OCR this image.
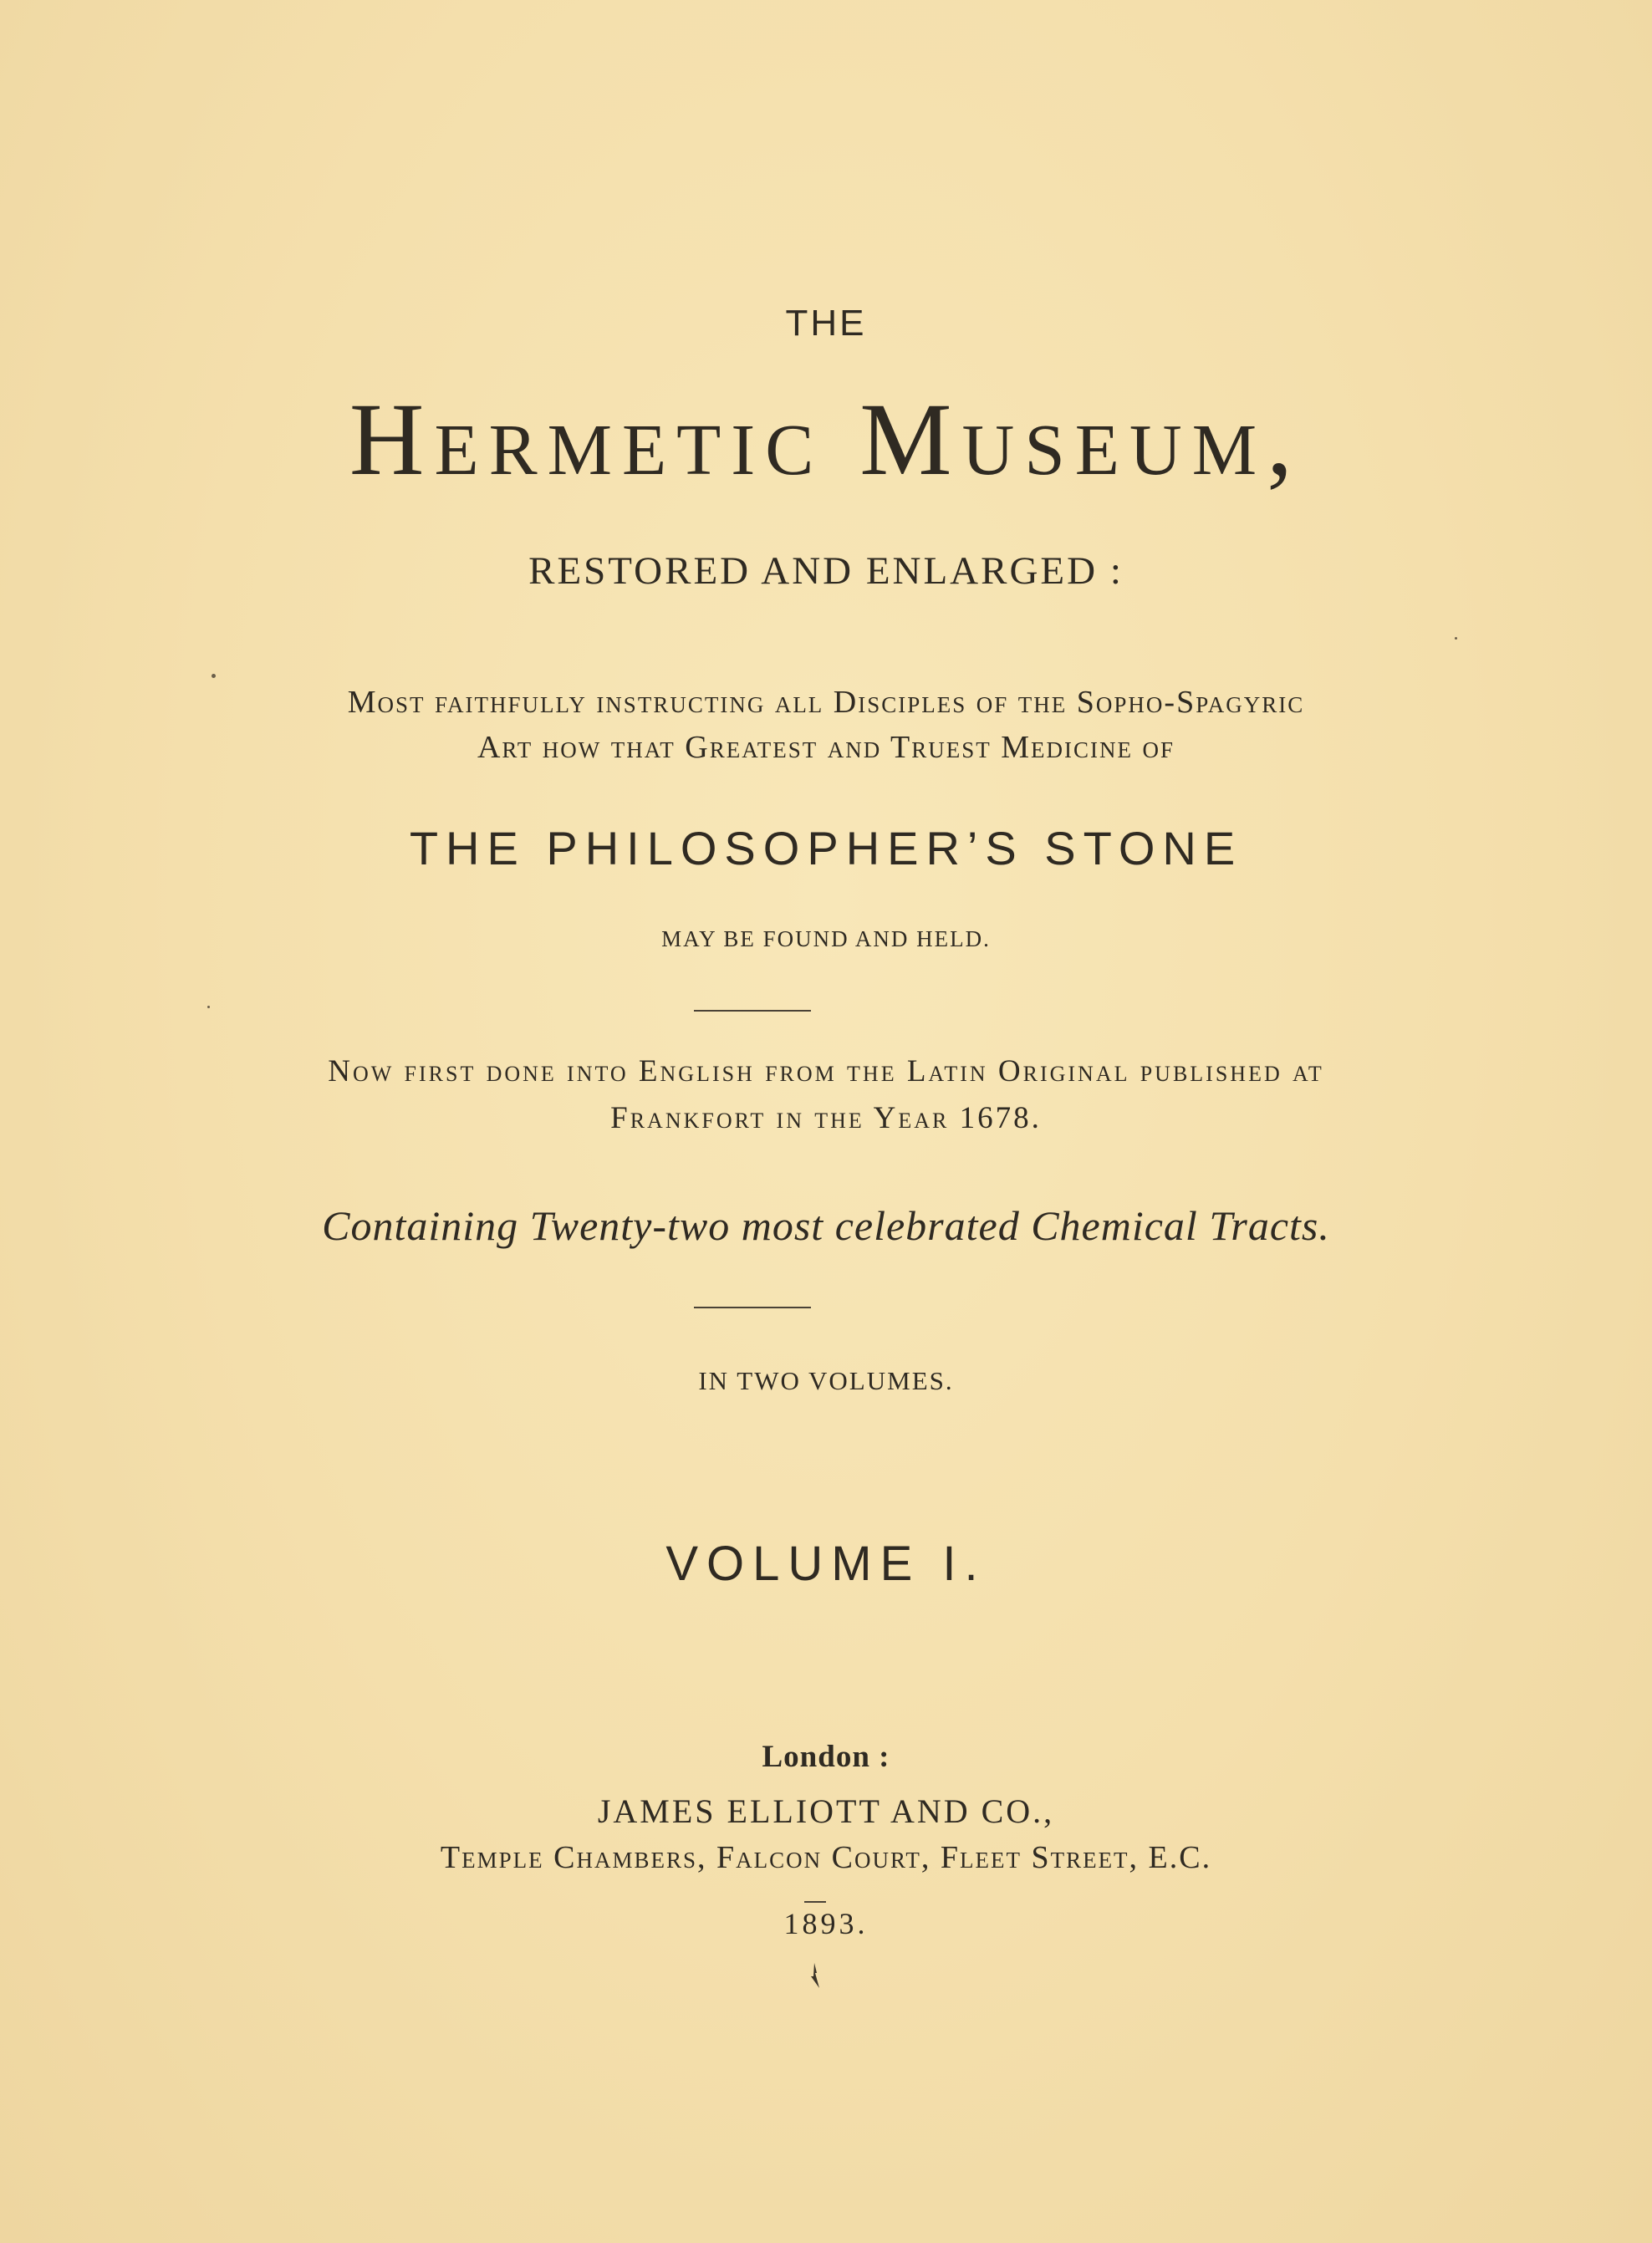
THE
Hermetic Museum,
RESTORED AND ENLARGED :
Most faithfully instructing all Disciples of the Sopho-Spagyric
Art how that Greatest and Truest Medicine of
THE PHILOSOPHER’S STONE
MAY BE FOUND AND HELD.
Now first done into English from the Latin Original published at
Frankfort in the Year 1678.
Containing Twenty-two most celebrated Chemical Tracts.
IN TWO VOLUMES.
VOLUME I.
London :
JAMES ELLIOTT AND CO.,
Temple Chambers, Falcon Court, Fleet Street, E.C.
1893.
